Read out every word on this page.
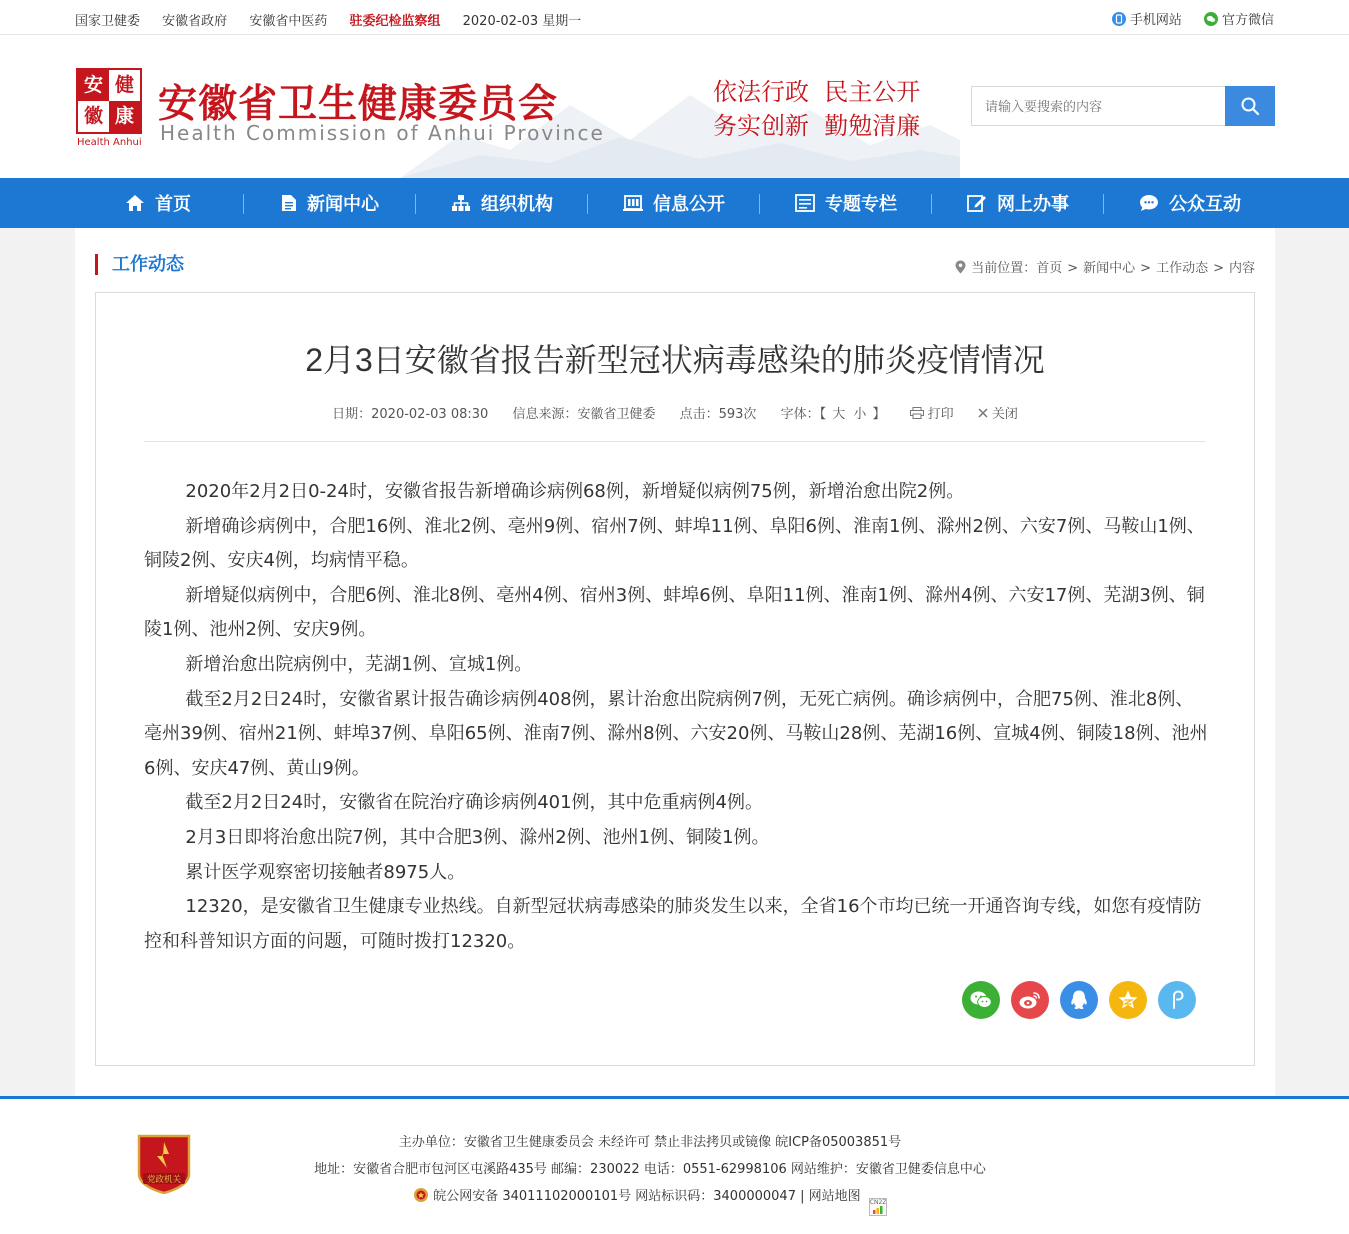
国家卫健委 安徽省政府 安徽省中医药 驻委纪检监察组 2020-02-03 星期一	手机网站	官方微信
安 健
徽 康
Health Anhui
安徽省卫生健康委员会
Health Commission of Anhui Province
依法行政  民主公开
务实创新  勤勉清廉
请输入要搜索的内容
首页	新闻中心	组织机构	信息公开	专题专栏	网上办事	公众互动
工作动态	当前位置：首页 > 新闻中心 > 工作动态 > 内容
2月3日安徽省报告新型冠状病毒感染的肺炎疫情情况
日期：2020-02-03 08:30 信息来源：安徽省卫健委 点击：593次 字体：【 大 小 】	打印	关闭

2020年2月2日0-24时，安徽省报告新增确诊病例68例，新增疑似病例75例，新增治愈出院2例。

新增确诊病例中，合肥16例、淮北2例、亳州9例、宿州7例、蚌埠11例、阜阳6例、淮南1例、滁州2例、六安7例、马鞍山1例、铜陵2例、安庆4例，均病情平稳。

新增疑似病例中，合肥6例、淮北8例、亳州4例、宿州3例、蚌埠6例、阜阳11例、淮南1例、滁州4例、六安17例、芜湖3例、铜陵1例、池州2例、安庆9例。

新增治愈出院病例中，芜湖1例、宣城1例。

截至2月2日24时，安徽省累计报告确诊病例408例，累计治愈出院病例7例，无死亡病例。确诊病例中，合肥75例、淮北8例、亳州39例、宿州21例、蚌埠37例、阜阳65例、淮南7例、滁州8例、六安20例、马鞍山28例、芜湖16例、宣城4例、铜陵18例、池州6例、安庆47例、黄山9例。

截至2月2日24时，安徽省在院治疗确诊病例401例，其中危重病例4例。

2月3日即将治愈出院7例，其中合肥3例、滁州2例、池州1例、铜陵1例。

累计医学观察密切接触者8975人。

12320，是安徽省卫生健康专业热线。自新型冠状病毒感染的肺炎发生以来，全省16个市均已统一开通咨询专线，如您有疫情防控和科普知识方面的问题，可随时拨打12320。

党政机关
主办单位：安徽省卫生健康委员会 未经许可 禁止非法拷贝或镜像 皖ICP备05003851号
地址：安徽省合肥市包河区屯溪路435号 邮编：230022 电话：0551-62998106 网站维护：安徽省卫健委信息中心
皖公网安备 34011102000101号 网站标识码：3400000047 | 网站地图 CN2Z
